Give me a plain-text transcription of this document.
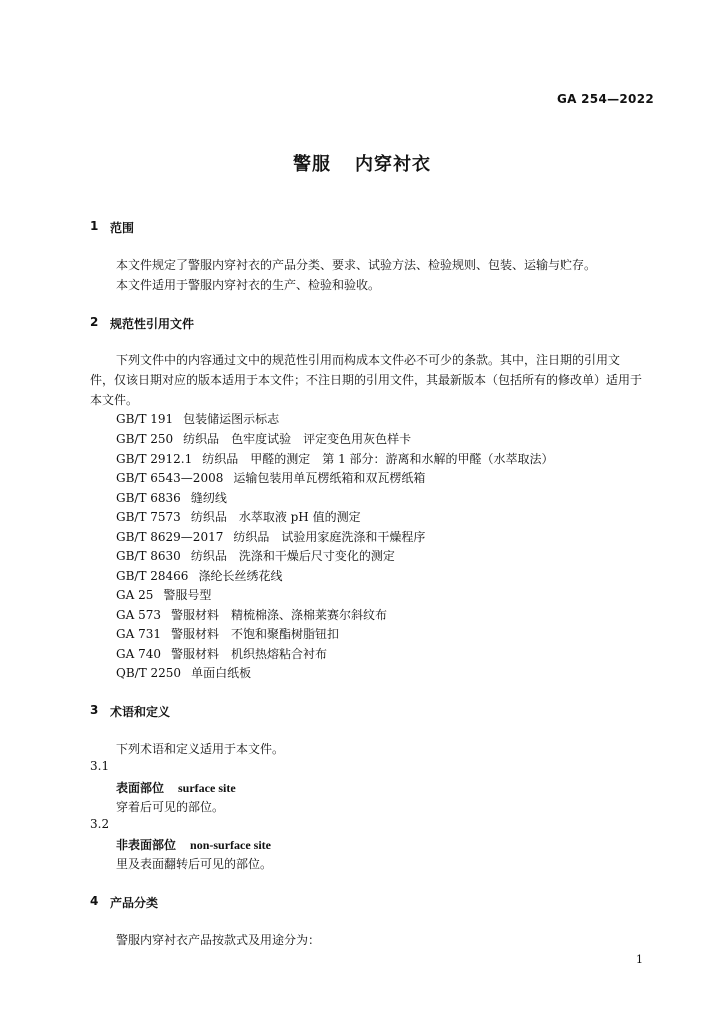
GA 254—2022
警服 内穿衬衣
1 范围
本文件规定了警服内穿衬衣的产品分类、要求、试验方法、检验规则、包装、运输与贮存。
本文件适用于警服内穿衬衣的生产、检验和验收。
2 规范性引用文件
下列文件中的内容通过文中的规范性引用而构成本文件必不可少的条款。其中，注日期的引用文
件，仅该日期对应的版本适用于本文件；不注日期的引用文件，其最新版本（包括所有的修改单）适用于
本文件。
GB/T 191 包装储运图示标志
GB/T 250 纺织品　色牢度试验　评定变色用灰色样卡
GB/T 2912.1 纺织品　甲醛的测定　第 1 部分：游离和水解的甲醛（水萃取法）
GB/T 6543—2008 运输包装用单瓦楞纸箱和双瓦楞纸箱
GB/T 6836 缝纫线
GB/T 7573 纺织品　水萃取液 pH 值的测定
GB/T 8629—2017 纺织品　试验用家庭洗涤和干燥程序
GB/T 8630 纺织品　洗涤和干燥后尺寸变化的测定
GB/T 28466 涤纶长丝绣花线
GA 25 警服号型
GA 573 警服材料　精梳棉涤、涤棉莱赛尔斜纹布
GA 731 警服材料　不饱和聚酯树脂钮扣
GA 740 警服材料　机织热熔粘合衬布
QB/T 2250 单面白纸板
3 术语和定义
下列术语和定义适用于本文件。
3.1
表面部位 surface site
穿着后可见的部位。
3.2
非表面部位 non-surface site
里及表面翻转后可见的部位。
4 产品分类
警服内穿衬衣产品按款式及用途分为：
1
